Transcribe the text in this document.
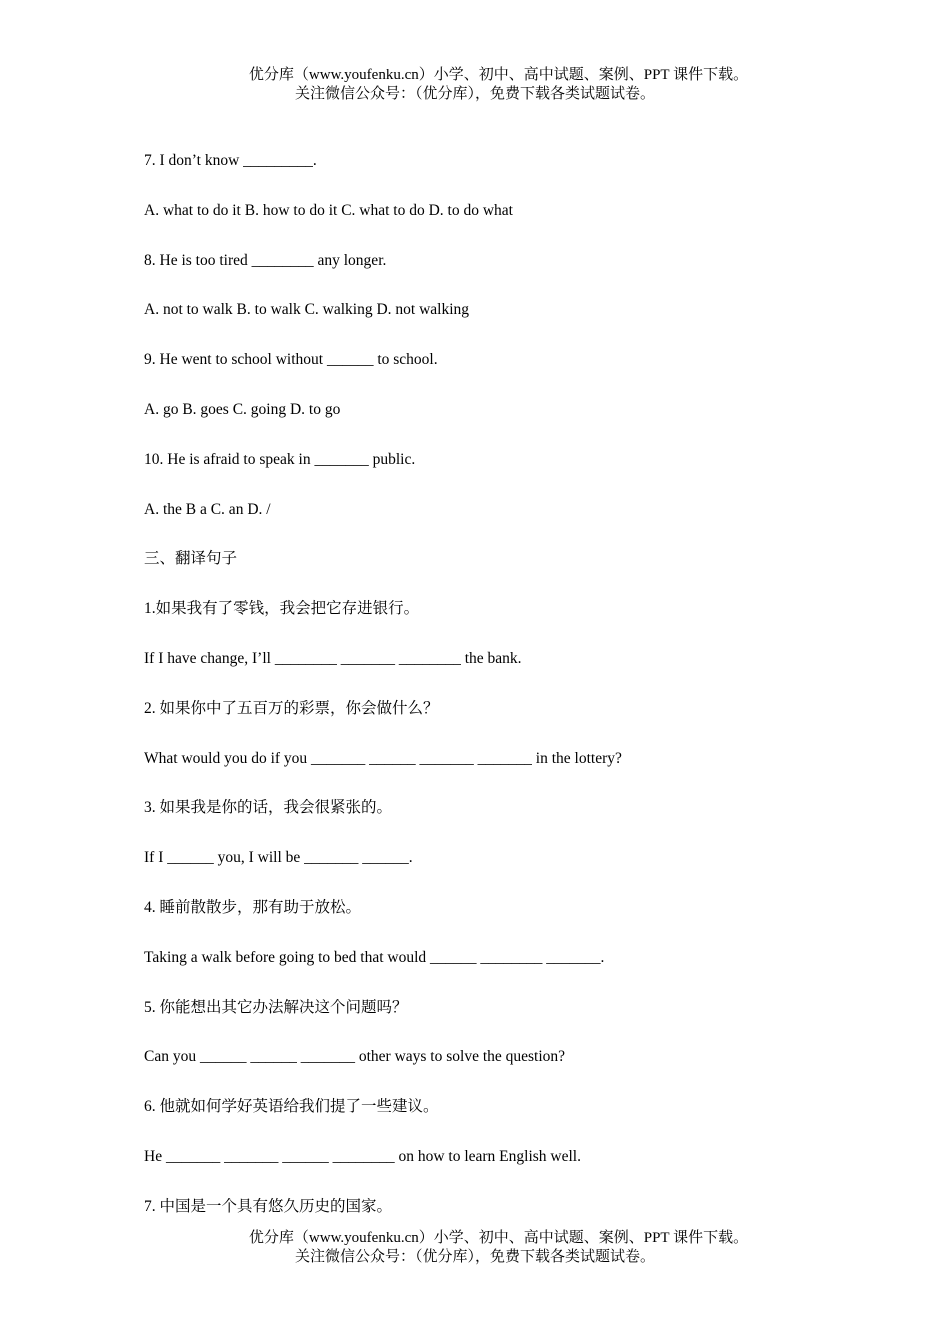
优分库（www.youfenku.cn）小学、初中、高中试题、案例、PPT 课件下载。
关注微信公众号：（优分库），免费下载各类试题试卷。
7. I don’t know _________.
A. what to do it B. how to do it C. what to do D. to do what
8. He is too tired ________ any longer.
A. not to walk B. to walk C. walking D. not walking
9. He went to school without ______ to school.
A. go B. goes C. going D. to go
10. He is afraid to speak in _______ public.
A. the B a C. an D. /
三、翻译句子
1.如果我有了零钱，我会把它存进银行。
If I have change, I’ll ________ _______ ________ the bank.
2. 如果你中了五百万的彩票，你会做什么？
What would you do if you _______ ______ _______ _______ in the lottery?
3. 如果我是你的话，我会很紧张的。
If I ______ you, I will be _______ ______.
4. 睡前散散步，那有助于放松。
Taking a walk before going to bed that would ______ ________ _______.
5. 你能想出其它办法解决这个问题吗？
Can you ______ ______ _______ other ways to solve the question?
6. 他就如何学好英语给我们提了一些建议。
He _______ _______ ______ ________ on how to learn English well.
7. 中国是一个具有悠久历史的国家。
优分库（www.youfenku.cn）小学、初中、高中试题、案例、PPT 课件下载。
关注微信公众号：（优分库），免费下载各类试题试卷。
